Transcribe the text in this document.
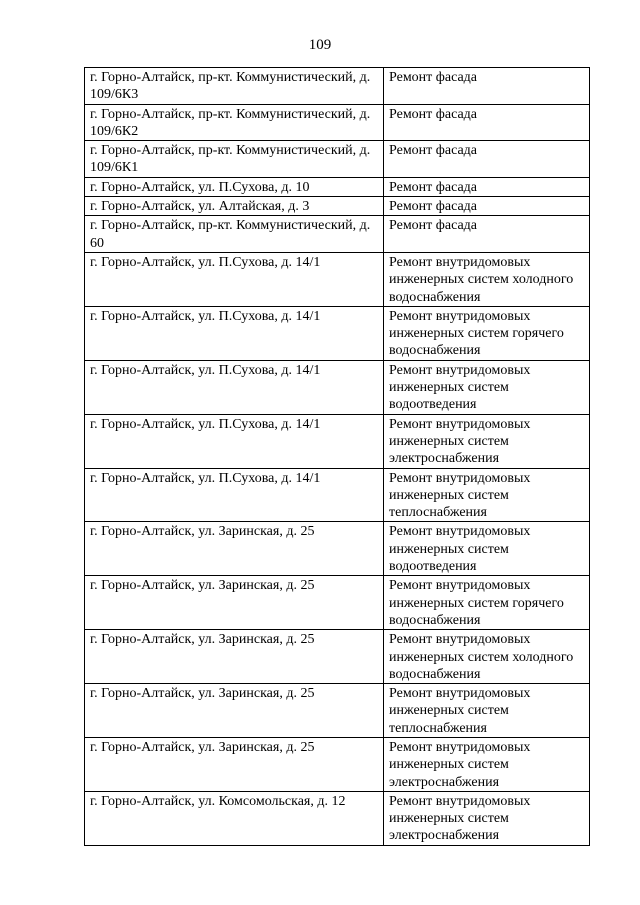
109
г. Горно-Алтайск, пр-кт. Коммунистический, д. 109/6К3	Ремонт фасада
г. Горно-Алтайск, пр-кт. Коммунистический, д. 109/6К2	Ремонт фасада
г. Горно-Алтайск, пр-кт. Коммунистический, д. 109/6К1	Ремонт фасада
г. Горно-Алтайск, ул. П.Сухова, д. 10	Ремонт фасада
г. Горно-Алтайск, ул. Алтайская, д. 3	Ремонт фасада
г. Горно-Алтайск, пр-кт. Коммунистический, д. 60	Ремонт фасада
г. Горно-Алтайск, ул. П.Сухова, д. 14/1	Ремонт внутридомовых инженерных систем холодного водоснабжения
г. Горно-Алтайск, ул. П.Сухова, д. 14/1	Ремонт внутридомовых инженерных систем горячего водоснабжения
г. Горно-Алтайск, ул. П.Сухова, д. 14/1	Ремонт внутридомовых инженерных систем водоотведения
г. Горно-Алтайск, ул. П.Сухова, д. 14/1	Ремонт внутридомовых инженерных систем электроснабжения
г. Горно-Алтайск, ул. П.Сухова, д. 14/1	Ремонт внутридомовых инженерных систем теплоснабжения
г. Горно-Алтайск, ул. Заринская, д. 25	Ремонт внутридомовых инженерных систем водоотведения
г. Горно-Алтайск, ул. Заринская, д. 25	Ремонт внутридомовых инженерных систем горячего водоснабжения
г. Горно-Алтайск, ул. Заринская, д. 25	Ремонт внутридомовых инженерных систем холодного водоснабжения
г. Горно-Алтайск, ул. Заринская, д. 25	Ремонт внутридомовых инженерных систем теплоснабжения
г. Горно-Алтайск, ул. Заринская, д. 25	Ремонт внутридомовых инженерных систем электроснабжения
г. Горно-Алтайск, ул. Комсомольская, д. 12	Ремонт внутридомовых инженерных систем электроснабжения
